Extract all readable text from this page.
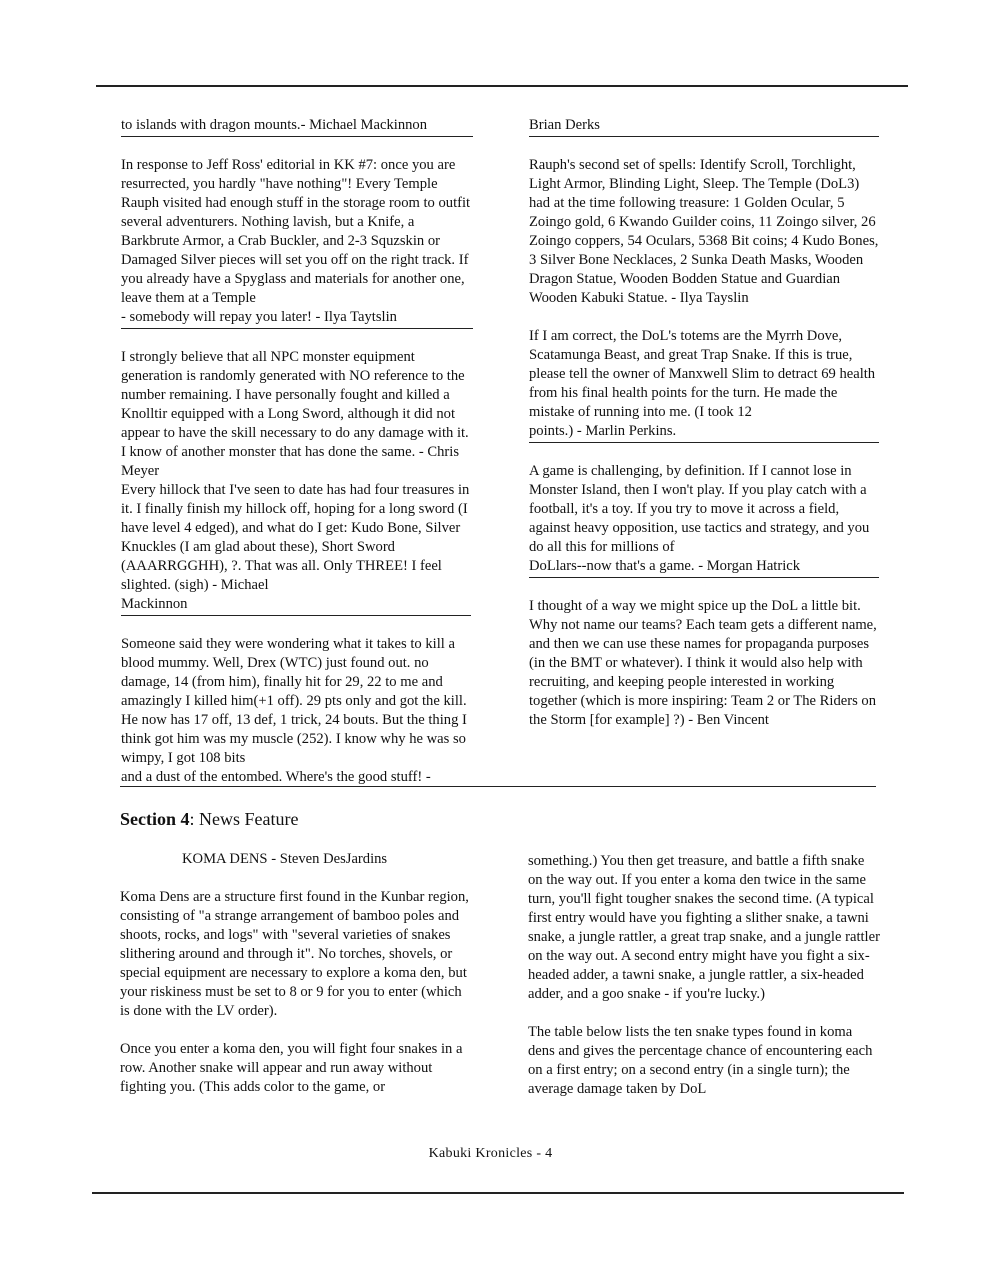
to islands with dragon mounts.- Michael Mackinnon

In response to Jeff Ross' editorial in KK #7: once you are resurrected, you hardly "have nothing"! Every Temple Rauph visited had enough stuff in the storage room to outfit several adventurers. Nothing lavish, but a Knife, a Barkbrute Armor, a Crab Buckler, and 2-3 Squzskin or Damaged Silver pieces will set you off on the right track. If you already have a Spyglass and materials for another one, leave them at a Temple

- somebody will repay you later! - Ilya Taytslin

I strongly believe that all NPC monster equipment generation is randomly generated with NO reference to the number remaining. I have personally fought and killed a Knolltir equipped with a Long Sword, although it did not appear to have the skill necessary to do any damage with it. I know of another monster that has done the same. - Chris Meyer

Every hillock that I've seen to date has had four treasures in it. I finally finish my hillock off, hoping for a long sword (I have level 4 edged), and what do I get: Kudo Bone, Silver Knuckles (I am glad about these), Short Sword (AAARRGGHH), ?. That was all. Only THREE! I feel slighted. (sigh) - Michael

Mackinnon

Someone said they were wondering what it takes to kill a blood mummy. Well, Drex (WTC) just found out. no damage, 14 (from him), finally hit for 29, 22 to me and amazingly I killed him(+1 off). 29 pts only and got the kill. He now has 17 off, 13 def, 1 trick, 24 bouts. But the thing I think got him was my muscle (252). I know why he was so wimpy, I got 108 bits

and a dust of the entombed. Where's the good stuff! -

Brian Derks

Rauph's second set of spells: Identify Scroll, Torchlight, Light Armor, Blinding Light, Sleep. The Temple (DoL3) had at the time following treasure: 1 Golden Ocular, 5 Zoingo gold, 6 Kwando Guilder coins, 11 Zoingo silver, 26 Zoingo coppers, 54 Oculars, 5368 Bit coins; 4 Kudo Bones, 3 Silver Bone Necklaces, 2 Sunka Death Masks, Wooden Dragon Statue, Wooden Bodden Statue and Guardian Wooden Kabuki Statue. - Ilya Tayslin

If I am correct, the DoL's totems are the Myrrh Dove, Scatamunga Beast, and great Trap Snake. If this is true, please tell the owner of Manxwell Slim to detract 69 health from his final health points for the turn. He made the mistake of running into me. (I took 12

points.) - Marlin Perkins.

A game is challenging, by definition. If I cannot lose in Monster Island, then I won't play. If you play catch with a football, it's a toy. If you try to move it across a field, against heavy opposition, use tactics and strategy, and you do all this for millions of

DoLlars--now that's a game. - Morgan Hatrick

I thought of a way we might spice up the DoL a little bit. Why not name our teams? Each team gets a different name, and then we can use these names for propaganda purposes (in the BMT or whatever). I think it would also help with recruiting, and keeping people interested in working together (which is more inspiring: Team 2 or The Riders on the Storm [for example] ?) - Ben Vincent

Section 4: News Feature
KOMA DENS - Steven DesJardins

Koma Dens are a structure first found in the Kunbar region, consisting of "a strange arrangement of bamboo poles and shoots, rocks, and logs" with "several varieties of snakes slithering around and through it". No torches, shovels, or special equipment are necessary to explore a koma den, but your riskiness must be set to 8 or 9 for you to enter (which is done with the LV order).

Once you enter a koma den, you will fight four snakes in a row. Another snake will appear and run away without fighting you. (This adds color to the game, or

something.) You then get treasure, and battle a fifth snake on the way out. If you enter a koma den twice in the same turn, you'll fight tougher snakes the second time. (A typical first entry would have you fighting a slither snake, a tawni snake, a jungle rattler, a great trap snake, and a jungle rattler on the way out. A second entry might have you fight a six-headed adder, a tawni snake, a jungle rattler, a six-headed adder, and a goo snake - if you're lucky.)

The table below lists the ten snake types found in koma dens and gives the percentage chance of encountering each on a first entry; on a second entry (in a single turn); the average damage taken by DoL

Kabuki Kronicles - 4
